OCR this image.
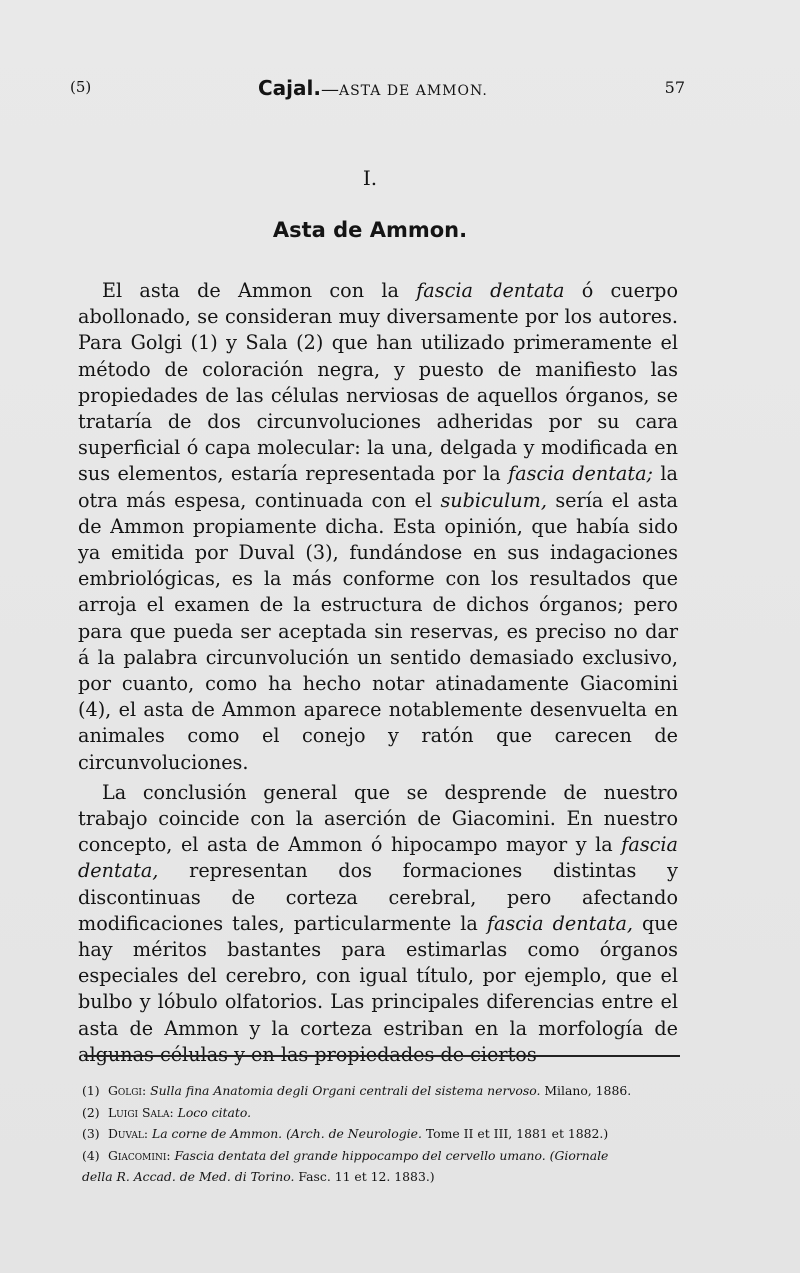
(5)	Cajal.—ASTA DE AMMON.	57
I.
Asta de Ammon.

El asta de Ammon con la fascia dentata ó cuerpo abollonado, se consideran muy diversamente por los autores. Para Golgi (1) y Sala (2) que han utilizado primeramente el método de coloración negra, y puesto de manifiesto las propiedades de las células nerviosas de aquellos órganos, se trataría de dos circunvoluciones adheridas por su cara superficial ó capa molecular: la una, delgada y modificada en sus elementos, estaría representada por la fascia dentata; la otra más espesa, continuada con el subiculum, sería el asta de Ammon propiamente dicha. Esta opinión, que había sido ya emitida por Duval (3), fundándose en sus indagaciones embriológicas, es la más conforme con los resultados que arroja el examen de la estructura de dichos órganos; pero para que pueda ser aceptada sin reservas, es preciso no dar á la palabra circunvolución un sentido demasiado exclusivo, por cuanto, como ha hecho notar atinadamente Giacomini (4), el asta de Ammon aparece notablemente desenvuelta en animales como el conejo y ratón que carecen de circunvoluciones.

La conclusión general que se desprende de nuestro trabajo coincide con la aserción de Giacomini. En nuestro concepto, el asta de Ammon ó hipocampo mayor y la fascia dentata, representan dos formaciones distintas y discontinuas de corteza cerebral, pero afectando modificaciones tales, particularmente la fascia dentata, que hay méritos bastantes para estimarlas como órganos especiales del cerebro, con igual título, por ejemplo, que el bulbo y lóbulo olfatorios. Las principales diferencias entre el asta de Ammon y la corteza estriban en la morfología de algunas células y en las propiedades de ciertos

(1) Golgi: Sulla fina Anatomia degli Organi centrali del sistema nervoso. Milano, 1886.
(2) Luigi Sala: Loco citato.
(3) Duval: La corne de Ammon. (Arch. de Neurologie. Tome II et III, 1881 et 1882.)
(4) Giacomini: Fascia dentata del grande hippocampo del cervello umano. (Giornale
della R. Accad. de Med. di Torino. Fasc. 11 et 12. 1883.)
